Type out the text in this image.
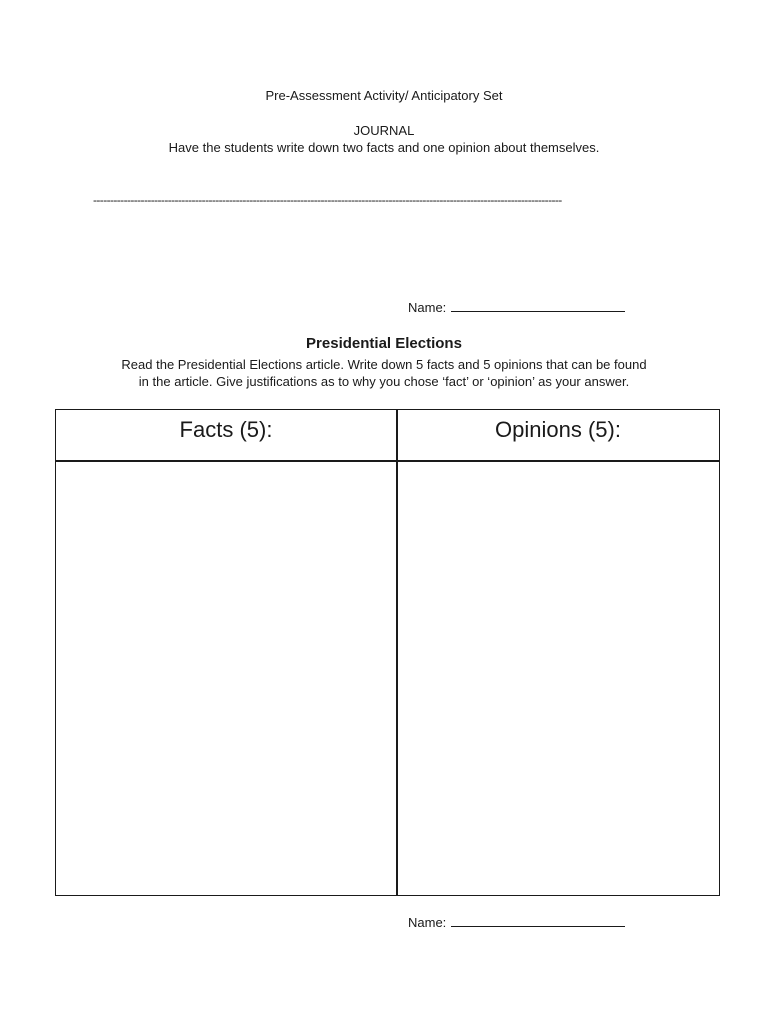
Pre-Assessment Activity/ Anticipatory Set
JOURNAL
Have the students write down two facts and one opinion about themselves.
------------------------------------------------------------------------------------------------------------------------------------------
Name:
Presidential Elections
Read the Presidential Elections article. Write down 5 facts and 5 opinions that can be found
in the article. Give justifications as to why you chose ‘fact’ or ‘opinion’ as your answer.
Facts (5):	Opinions (5):
Name:
